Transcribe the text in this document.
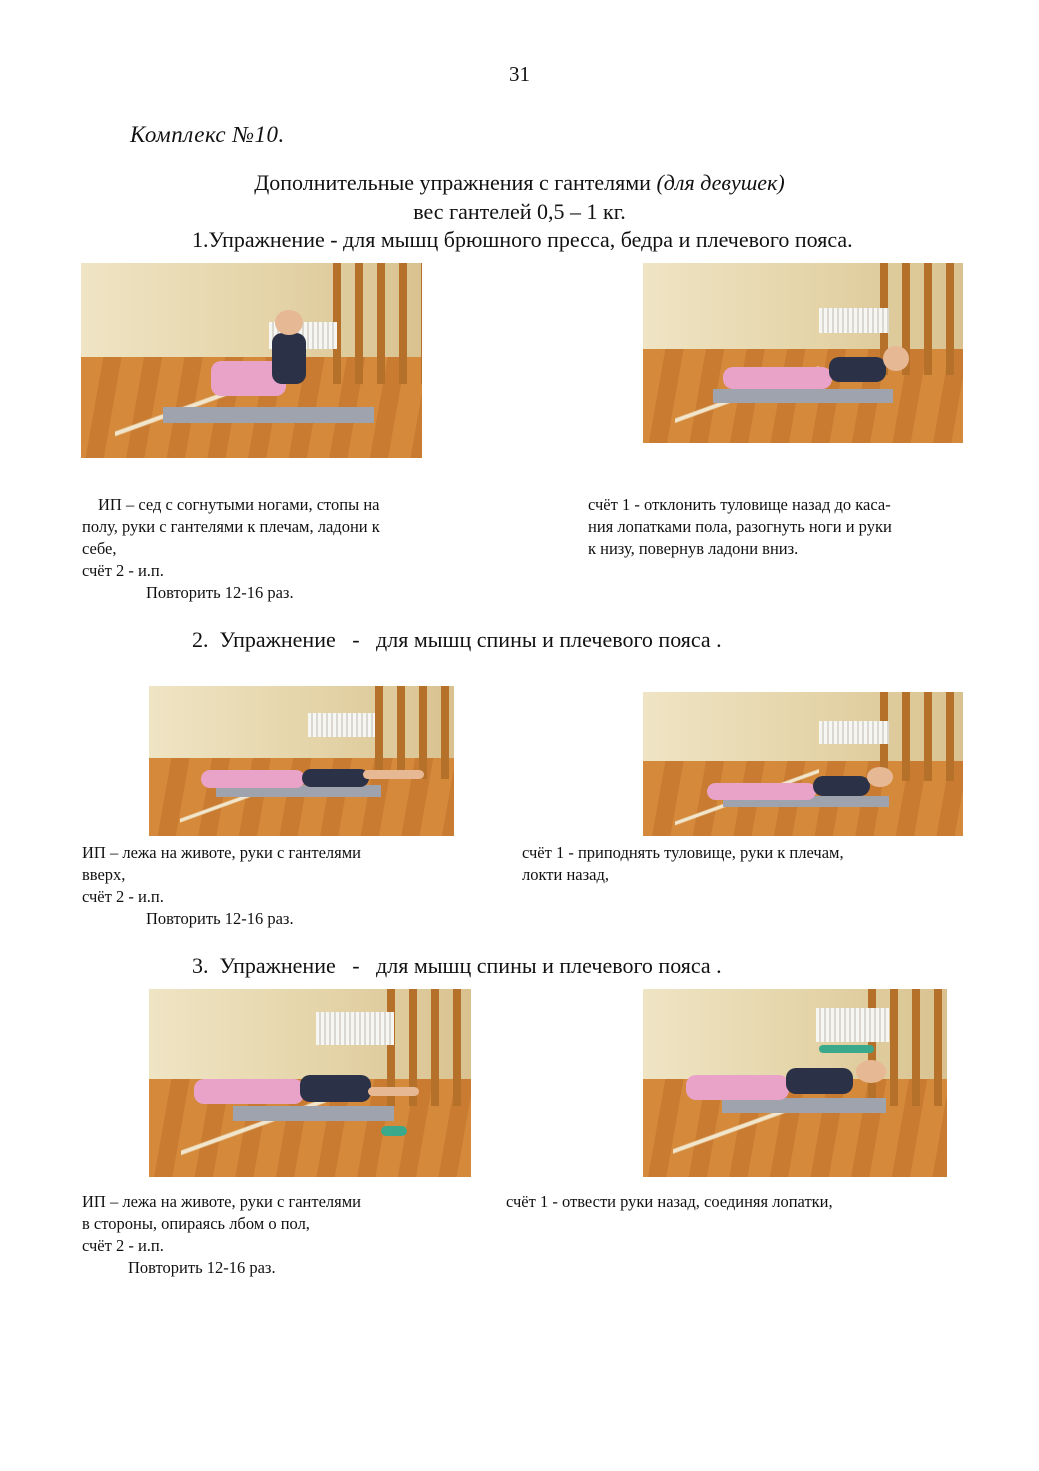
31
Комплекс №10.
Дополнительные упражнения с гантелями (для девушек)
вес гантелей 0,5 – 1 кг.
1.Упражнение - для мышц брюшного пресса, бедра и плечевого пояса.

ИП – сед с согнутыми ногами, стопы на

полу, руки с гантелями к плечам, ладони к

себе,

счёт 2 - и.п.

Повторить 12-16 раз.

счёт 1 - отклонить туловище назад до каса-

ния лопатками пола, разогнуть ноги и руки

к низу, повернув ладони вниз.

2.  Упражнение   -   для мышц спины и плечевого пояса .

ИП – лежа на животе, руки с гантелями

вверх,

счёт 2 - и.п.

Повторить 12-16 раз.

счёт 1 - приподнять туловище, руки к плечам,

локти назад,

3.  Упражнение   -   для мышц спины и плечевого пояса .

ИП – лежа на животе, руки с гантелями

в стороны, опираясь лбом о пол,

счёт 2 - и.п.

Повторить 12-16 раз.

счёт 1 - отвести руки назад, соединяя лопатки,
